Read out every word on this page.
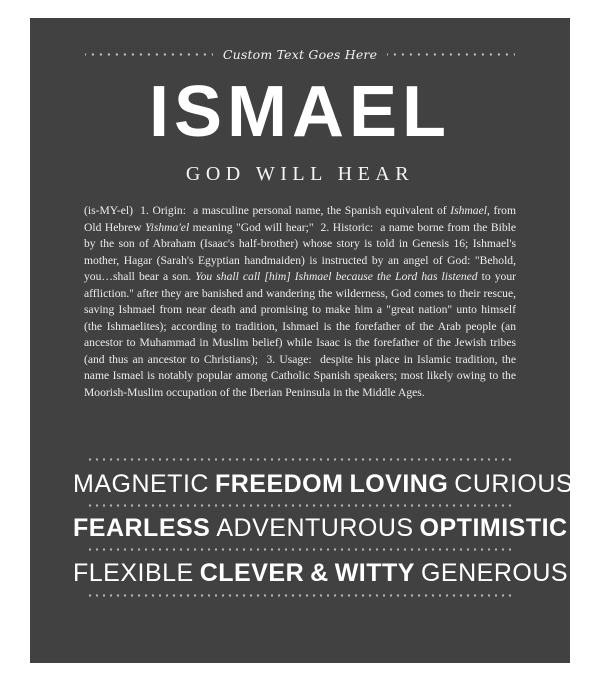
Custom Text Goes Here
ISMAEL
GOD WILL HEAR
(is-MY-el)  1. Origin:  a masculine personal name, the Spanish equivalent of Ishmael, from Old Hebrew Yishma'el meaning "God will hear;"  2. Historic:  a name borne from the Bible by the son of Abraham (Isaac's half-brother) whose story is told in Genesis 16; Ishmael's mother, Hagar (Sarah's Egyptian handmaiden) is instructed by an angel of God: "Behold, you…shall bear a son. You shall call [him] Ishmael because the Lord has listened to your affliction." after they are banished and wandering the wilderness, God comes to their rescue, saving Ishmael from near death and promising to make him a "great nation" unto himself (the Ishmaelites); according to tradition, Ishmael is the forefather of the Arab people (an ancestor to Muhammad in Muslim belief) while Isaac is the forefather of the Jewish tribes (and thus an ancestor to Christians);  3. Usage:  despite his place in Islamic tradition, the name Ismael is notably popular among Catholic Spanish speakers; most likely owing to the Moorish-Muslim occupation of the Iberian Peninsula in the Middle Ages.
MAGNETIC FREEDOM LOVING CURIOUS
FEARLESS ADVENTUROUS OPTIMISTIC
FLEXIBLE CLEVER & WITTY GENEROUS
